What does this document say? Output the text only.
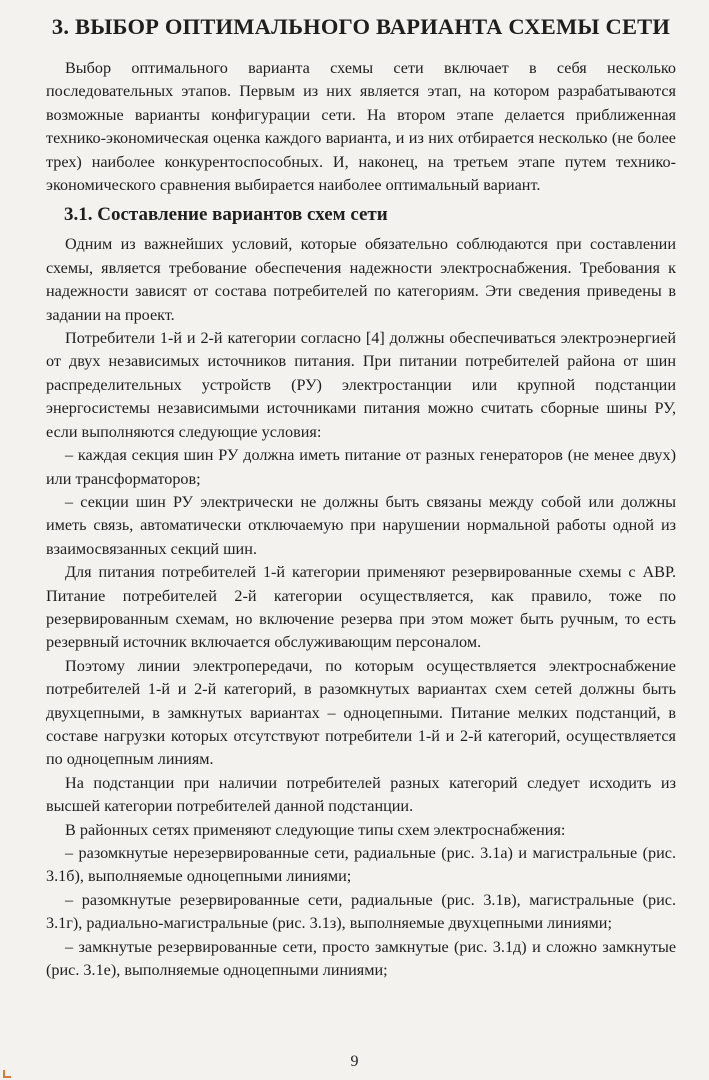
3. ВЫБОР ОПТИМАЛЬНОГО ВАРИАНТА СХЕМЫ СЕТИ

Выбор оптимального варианта схемы сети включает в себя несколько последовательных этапов. Первым из них является этап, на котором разрабатываются возможные варианты конфигурации сети. На втором этапе делается приближенная технико-экономическая оценка каждого варианта, и из них отбирается несколько (не более трех) наиболее конкурентоспособных. И, наконец, на третьем этапе путем технико-экономического сравнения выбирается наиболее оптимальный вариант.

3.1. Составление вариантов схем сети

Одним из важнейших условий, которые обязательно соблюдаются при составлении схемы, является требование обеспечения надежности электроснабжения. Требования к надежности зависят от состава потребителей по категориям. Эти сведения приведены в задании на проект.

Потребители 1-й и 2-й категории согласно [4] должны обеспечиваться электроэнергией от двух независимых источников питания. При питании потребителей района от шин распределительных устройств (РУ) электростанции или крупной подстанции энергосистемы независимыми источниками питания можно считать сборные шины РУ, если выполняются следующие условия:

– каждая секция шин РУ должна иметь питание от разных генераторов (не менее двух) или трансформаторов;

– секции шин РУ электрически не должны быть связаны между собой или должны иметь связь, автоматически отключаемую при нарушении нормальной работы одной из взаимосвязанных секций шин.

Для питания потребителей 1-й категории применяют резервированные схемы с АВР. Питание потребителей 2-й категории осуществляется, как правило, тоже по резервированным схемам, но включение резерва при этом может быть ручным, то есть резервный источник включается обслуживающим персоналом.

Поэтому линии электропередачи, по которым осуществляется электроснабжение потребителей 1-й и 2-й категорий, в разомкнутых вариантах схем сетей должны быть двухцепными, в замкнутых вариантах – одноцепными. Питание мелких подстанций, в составе нагрузки которых отсутствуют потребители 1-й и 2-й категорий, осуществляется по одноцепным линиям.

На подстанции при наличии потребителей разных категорий следует исходить из высшей категории потребителей данной подстанции.

В районных сетях применяют следующие типы схем электроснабжения:

– разомкнутые нерезервированные сети, радиальные (рис. 3.1а) и магистральные (рис. 3.1б), выполняемые одноцепными линиями;

– разомкнутые резервированные сети, радиальные (рис. 3.1в), магистральные (рис. 3.1г), радиально-магистральные (рис. 3.1з), выполняемые двухцепными линиями;

– замкнутые резервированные сети, просто замкнутые (рис. 3.1д) и сложно замкнутые (рис. 3.1е), выполняемые одноцепными линиями;

9
